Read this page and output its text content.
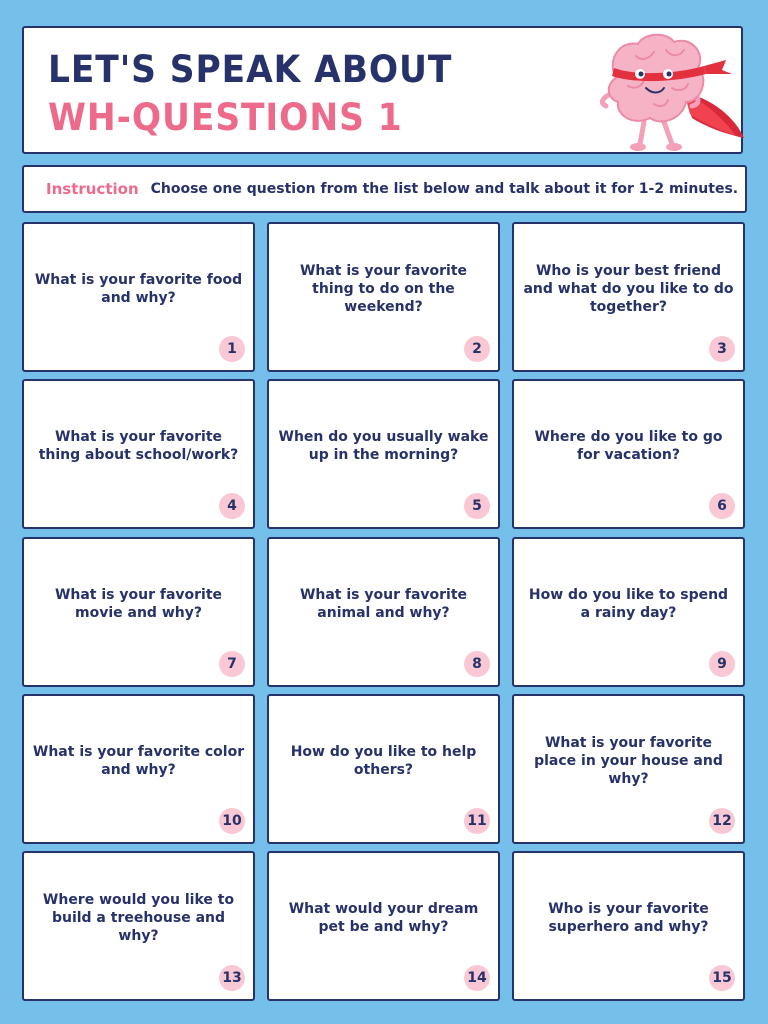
LET'S SPEAK ABOUT
WH-QUESTIONS 1
Instruction Choose one question from the list below and talk about it for 1-2 minutes.
What is your favorite food and why?
1
What is your favorite thing to do on the weekend?
2
Who is your best friend and what do you like to do together?
3
What is your favorite thing about school/work?
4
When do you usually wake up in the morning?
5
Where do you like to go for vacation?
6
What is your favorite movie and why?
7
What is your favorite animal and why?
8
How do you like to spend a rainy day?
9
What is your favorite color and why?
10
How do you like to help others?
11
What is your favorite place in your house and why?
12
Where would you like to build a treehouse and why?
13
What would your dream pet be and why?
14
Who is your favorite superhero and why?
15
